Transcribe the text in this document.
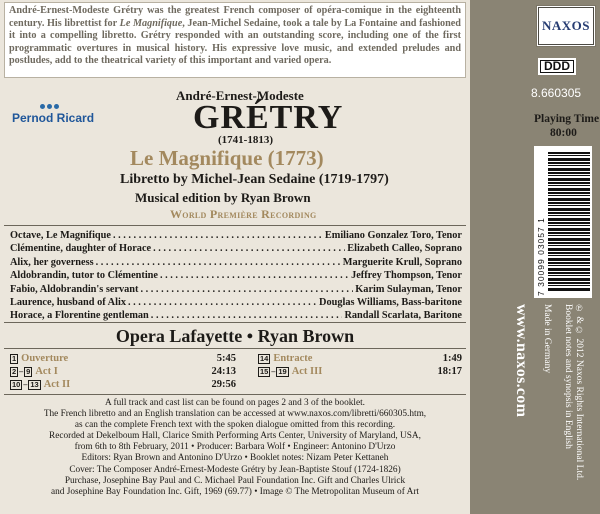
André-Ernest-Modeste Grétry was the greatest French composer of opéra-comique in the eighteenth century. His librettist for Le Magnifique, Jean-Michel Sedaine, took a tale by La Fontaine and fashioned it into a compelling libretto. Grétry responded with an outstanding score, including one of the first programmatic overtures in musical history. His expressive love music, and extended preludes and postludes, add to the theatrical variety of this important and varied opera.
Pernod Ricard
André-Ernest-Modeste
GRÉTRY
(1741-1813)
Le Magnifique (1773)
Libretto by Michel-Jean Sedaine (1719-1797)
Musical edition by Ryan Brown
World Première Recording
Octave, Le Magnifique . . .	Emiliano Gonzalez Toro, Tenor
Clémentine, daughter of Horace . . .	Elizabeth Calleo, Soprano
Alix, her governess . . .	Marguerite Krull, Soprano
Aldobrandin, tutor to Clémentine . . .	Jeffrey Thompson, Tenor
Fabio, Aldobrandin's servant . . .	Karim Sulayman, Tenor
Laurence, husband of Alix . . .	Douglas Williams, Bass-baritone
Horace, a Florentine gentleman . . .	Randall Scarlata, Baritone
Opera Lafayette • Ryan Brown
1 Ouverture	5:45
2 – 9 Act I	24:13
10 – 13 Act II	29:56
14 Entracte	1:49
15 – 19 Act III	18:17
A full track and cast list can be found on pages 2 and 3 of the booklet.
The French libretto and an English translation can be accessed at www.naxos.com/libretti/660305.htm,
as can the complete French text with the spoken dialogue omitted from this recording.
Recorded at Dekelboum Hall, Clarice Smith Performing Arts Center, University of Maryland, USA,
from 6th to 8th February, 2011 • Producer: Barbara Wolf • Engineer: Antonino D'Urzo
Editors: Ryan Brown and Antonino D'Urzo • Booklet notes: Nizam Peter Kettaneh
Cover: The Composer André-Ernest-Modeste Grétry by Jean-Baptiste Stouf (1724-1826)
Purchase, Josephine Bay Paul and C. Michael Paul Foundation Inc. Gift and Charles Ulrick
and Josephine Bay Foundation Inc. Gift, 1969 (69.77) • Image © The Metropolitan Museum of Art
NAXOS
DDD
8.660305
Playing Time
80:00
7 30099 03057 1
www.naxos.com Made in Germany	℗ & © 2012 Naxos Rights International Ltd.
Booklet notes and synopsis in English
